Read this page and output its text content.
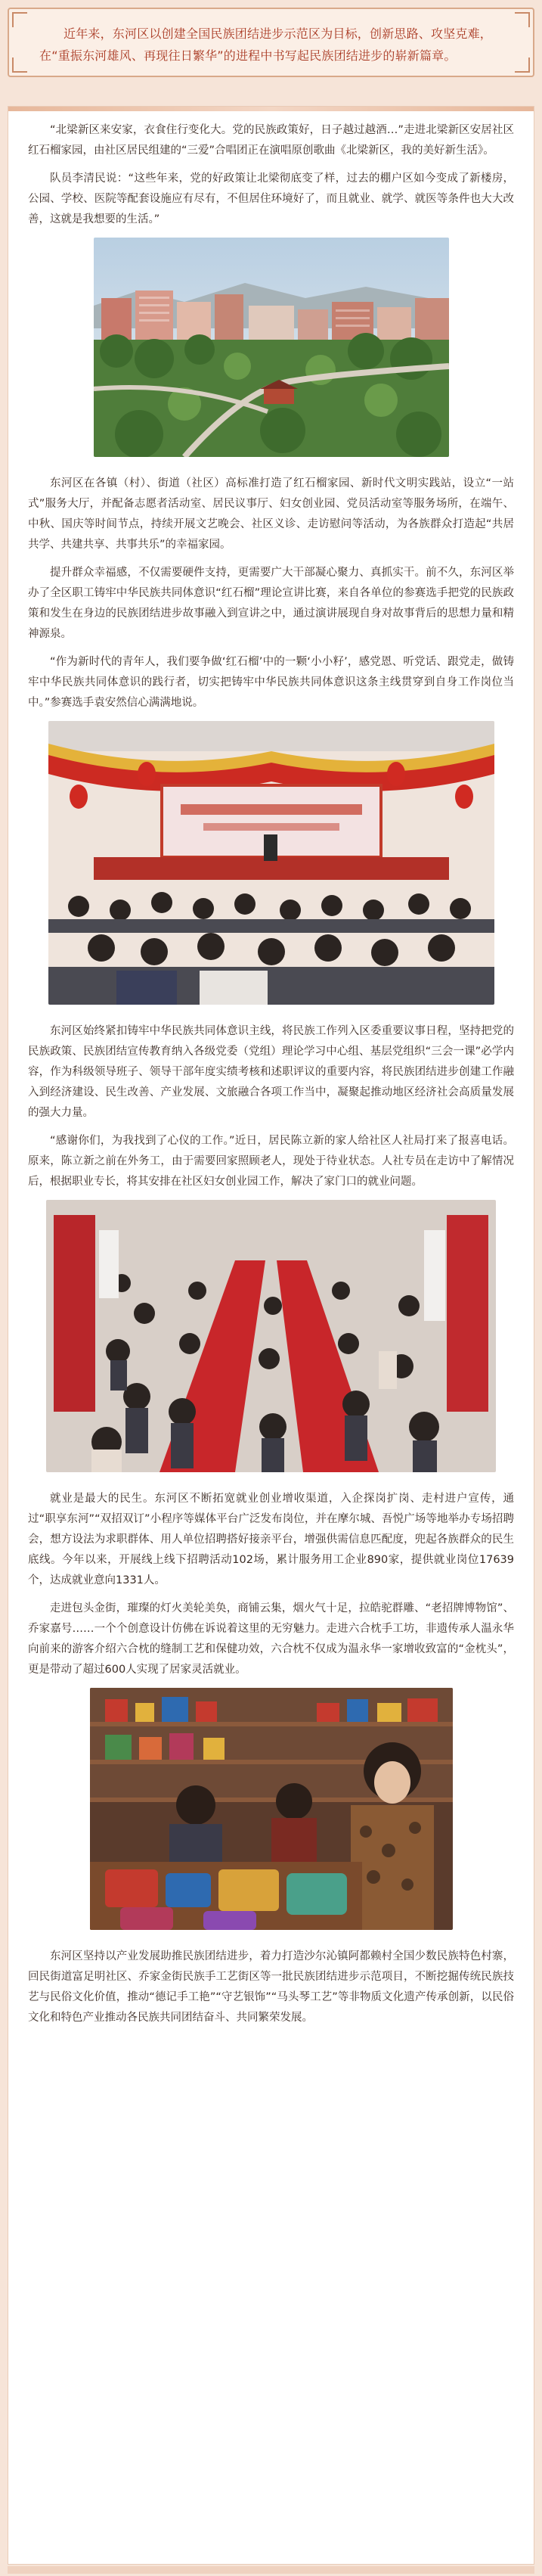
近年来，东河区以创建全国民族团结进步示范区为目标，创新思路、攻坚克难，在“重振东河雄风、再现往日繁华”的进程中书写起民族团结进步的崭新篇章。

“北梁新区来安家，衣食住行变化大。党的民族政策好，日子越过越酒…”走进北梁新区安居社区红石榴家园，由社区居民组建的“三爱”合唱团正在演唱原创歌曲《北梁新区，我的美好新生活》。

队员李清民说：“这些年来，党的好政策让北梁彻底变了样，过去的棚户区如今变成了新楼房，公园、学校、医院等配套设施应有尽有，不但居住环境好了，而且就业、就学、就医等条件也大大改善，这就是我想要的生活。”

东河区在各镇（村）、街道（社区）高标准打造了红石榴家园、新时代文明实践站，设立“一站式”服务大厅，并配备志愿者活动室、居民议事厅、妇女创业园、党员活动室等服务场所，在端午、中秋、国庆等时间节点，持续开展文艺晚会、社区义诊、走访慰问等活动，为各族群众打造起“共居共学、共建共享、共事共乐”的幸福家园。

提升群众幸福感，不仅需要硬件支持，更需要广大干部凝心聚力、真抓实干。前不久，东河区举办了全区职工铸牢中华民族共同体意识“红石榴”理论宣讲比赛，来自各单位的参赛选手把党的民族政策和发生在身边的民族团结进步故事融入到宣讲之中，通过演讲展现自身对故事背后的思想力量和精神源泉。

“作为新时代的青年人，我们要争做‘红石榴’中的一颗‘小小籽’，感党恩、听党话、跟党走，做铸牢中华民族共同体意识的践行者，切实把铸牢中华民族共同体意识这条主线贯穿到自身工作岗位当中。”参赛选手袁安然信心满满地说。

东河区始终紧扣铸牢中华民族共同体意识主线，将民族工作列入区委重要议事日程，坚持把党的民族政策、民族团结宣传教育纳入各级党委（党组）理论学习中心组、基层党组织“三会一课”必学内容，作为科级领导班子、领导干部年度实绩考核和述职评议的重要内容，将民族团结进步创建工作融入到经济建设、民生改善、产业发展、文旅融合各项工作当中，凝聚起推动地区经济社会高质量发展的强大力量。

“感谢你们，为我找到了心仪的工作。”近日，居民陈立新的家人给社区人社局打来了报喜电话。原来，陈立新之前在外务工，由于需要回家照顾老人，现处于待业状态。人社专员在走访中了解情况后，根据职业专长，将其安排在社区妇女创业园工作，解决了家门口的就业问题。

就业是最大的民生。东河区不断拓宽就业创业增收渠道，入企探岗扩岗、走村进户宣传，通过“职享东河”“双招双订”小程序等媒体平台广泛发布岗位，并在摩尔城、吾悦广场等地举办专场招聘会，想方设法为求职群体、用人单位招聘搭好接亲平台，增强供需信息匹配度，兜起各族群众的民生底线。今年以来，开展线上线下招聘活动102场，累计服务用工企业890家，提供就业岗位17639个，达成就业意向1331人。

走进包头金街，璀璨的灯火美轮美奂，商铺云集，烟火气十足，拉皓驼群雕、“老招牌博物馆”、乔家嘉号……一个个创意设计仿佛在诉说着这里的无穷魅力。走进六合枕手工坊，非遗传承人温永华向前来的游客介绍六合枕的缝制工艺和保健功效，六合枕不仅成为温永华一家增收致富的“金枕头”，更是带动了超过600人实现了居家灵活就业。

东河区坚持以产业发展助推民族团结进步，着力打造沙尔沁镇阿都赖村全国少数民族特色村寨，回民街道富足明社区、乔家金街民族手工艺街区等一批民族团结进步示范项目，不断挖掘传统民族技艺与民俗文化价值，推动“德记手工艳”“守艺银饰”“马头琴工艺”等非物质文化遗产传承创新，以民俗文化和特色产业推动各民族共同团结奋斗、共同繁荣发展。
